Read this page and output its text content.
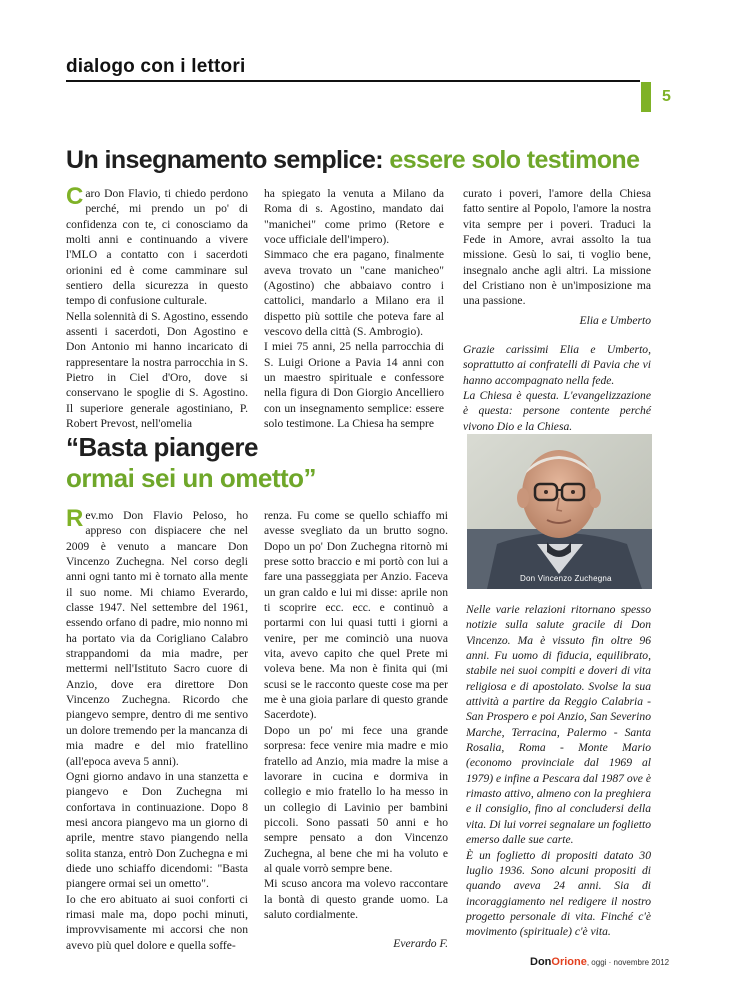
dialogo con i lettori
5
Un insegnamento semplice: essere solo testimone

Caro Don Flavio, ti chiedo perdono perché, mi prendo un po' di confidenza con te, ci conosciamo da molti anni e continuando a vivere l'MLO a contatto con i sacerdoti orionini ed è come camminare sul sentiero della sicurezza in questo tempo di confusione culturale.

Nella solennità di S. Agostino, essendo assenti i sacerdoti, Don Agostino e Don Antonio mi hanno incaricato di rappresentare la nostra parrocchia in S. Pietro in Ciel d'Oro, dove si conservano le spoglie di S. Agostino. Il superiore generale agostiniano, P. Robert Prevost, nell'omelia

ha spiegato la venuta a Milano da Roma di s. Agostino, mandato dai "manichei" come primo (Retore e voce ufficiale dell'impero).

Simmaco che era pagano, finalmente aveva trovato un "cane manicheo" (Agostino) che abbaiavo contro i cattolici, mandarlo a Milano era il dispetto più sottile che poteva fare al vescovo della città (S. Ambrogio).

I miei 75 anni, 25 nella parrocchia di S. Luigi Orione a Pavia 14 anni con un maestro spirituale e confessore nella figura di Don Giorgio Ancelliero con un insegnamento semplice: essere solo testimone. La Chiesa ha sempre

curato i poveri, l'amore della Chiesa fatto sentire al Popolo, l'amore la nostra vita sempre per i poveri. Traduci la Fede in Amore, avrai assolto la tua missione. Gesù lo sai, ti voglio bene, insegnalo anche agli altri. La missione del Cristiano non è un'imposizione ma una passione.

Elia e Umberto

Grazie carissimi Elia e Umberto, soprattutto ai confratelli di Pavia che vi hanno accompagnato nella fede.

La Chiesa è questa. L'evangelizzazione è questa: persone contente perché vivono Dio e la Chiesa.

“Basta piangere
ormai sei un ometto”

Rev.mo Don Flavio Peloso, ho appreso con dispiacere che nel 2009 è venuto a mancare Don Vincenzo Zuchegna. Nel corso degli anni ogni tanto mi è tornato alla mente il suo nome. Mi chiamo Everardo, classe 1947. Nel settembre del 1961, essendo orfano di padre, mio nonno mi ha portato via da Corigliano Calabro strappandomi da mia madre, per mettermi nell'Istituto Sacro cuore di Anzio, dove era direttore Don Vincenzo Zuchegna. Ricordo che piangevo sempre, dentro di me sentivo un dolore tremendo per la mancanza di mia madre e del mio fratellino (all'epoca aveva 5 anni).

Ogni giorno andavo in una stanzetta e piangevo e Don Zuchegna mi confortava in continuazione. Dopo 8 mesi ancora piangevo ma un giorno di aprile, mentre stavo piangendo nella solita stanza, entrò Don Zuchegna e mi diede uno schiaffo dicendomi: "Basta piangere ormai sei un ometto".

Io che ero abituato ai suoi conforti ci rimasi male ma, dopo pochi minuti, improvvisamente mi accorsi che non avevo più quel dolore e quella soffe-

renza. Fu come se quello schiaffo mi avesse svegliato da un brutto sogno. Dopo un po' Don Zuchegna ritornò mi prese sotto braccio e mi portò con lui a fare una passeggiata per Anzio. Faceva un gran caldo e lui mi disse: aprile non ti scoprire ecc. ecc. e continuò a portarmi con lui quasi tutti i giorni a venire, per me cominciò una nuova vita, avevo capito che quel Prete mi voleva bene. Ma non è finita qui (mi scusi se le racconto queste cose ma per me è una gioia parlare di questo grande Sacerdote).

Dopo un po' mi fece una grande sorpresa: fece venire mia madre e mio fratello ad Anzio, mia madre la mise a lavorare in cucina e dormiva in collegio e mio fratello lo ha messo in un collegio di Lavinio per bambini piccoli. Sono passati 50 anni e ho sempre pensato a don Vincenzo Zuchegna, al bene che mi ha voluto e al quale vorrò sempre bene.

Mi scuso ancora ma volevo raccontare la bontà di questo grande uomo. La saluto cordialmente.

Everardo F.

Don Vincenzo Zuchegna

Nelle varie relazioni ritornano spesso notizie sulla salute gracile di Don Vincenzo. Ma è vissuto fin oltre 96 anni. Fu uomo di fiducia, equilibrato, stabile nei suoi compiti e doveri di vita religiosa e di apostolato. Svolse la sua attività a partire da Reggio Calabria - San Prospero e poi Anzio, San Severino Marche, Terracina, Palermo - Santa Rosalia, Roma - Monte Mario (economo provinciale dal 1969 al 1979) e infine a Pescara dal 1987 ove è rimasto attivo, almeno con la preghiera e il consiglio, fino al concludersi della vita. Di lui vorrei segnalare un foglietto emerso dalle sue carte.

È un foglietto di propositi datato 30 luglio 1936. Sono alcuni propositi di quando aveva 24 anni. Sia di incoraggiamento nel redigere il nostro progetto personale di vita. Finché c'è movimento (spirituale) c'è vita.

DonOrione, oggi · novembre 2012
